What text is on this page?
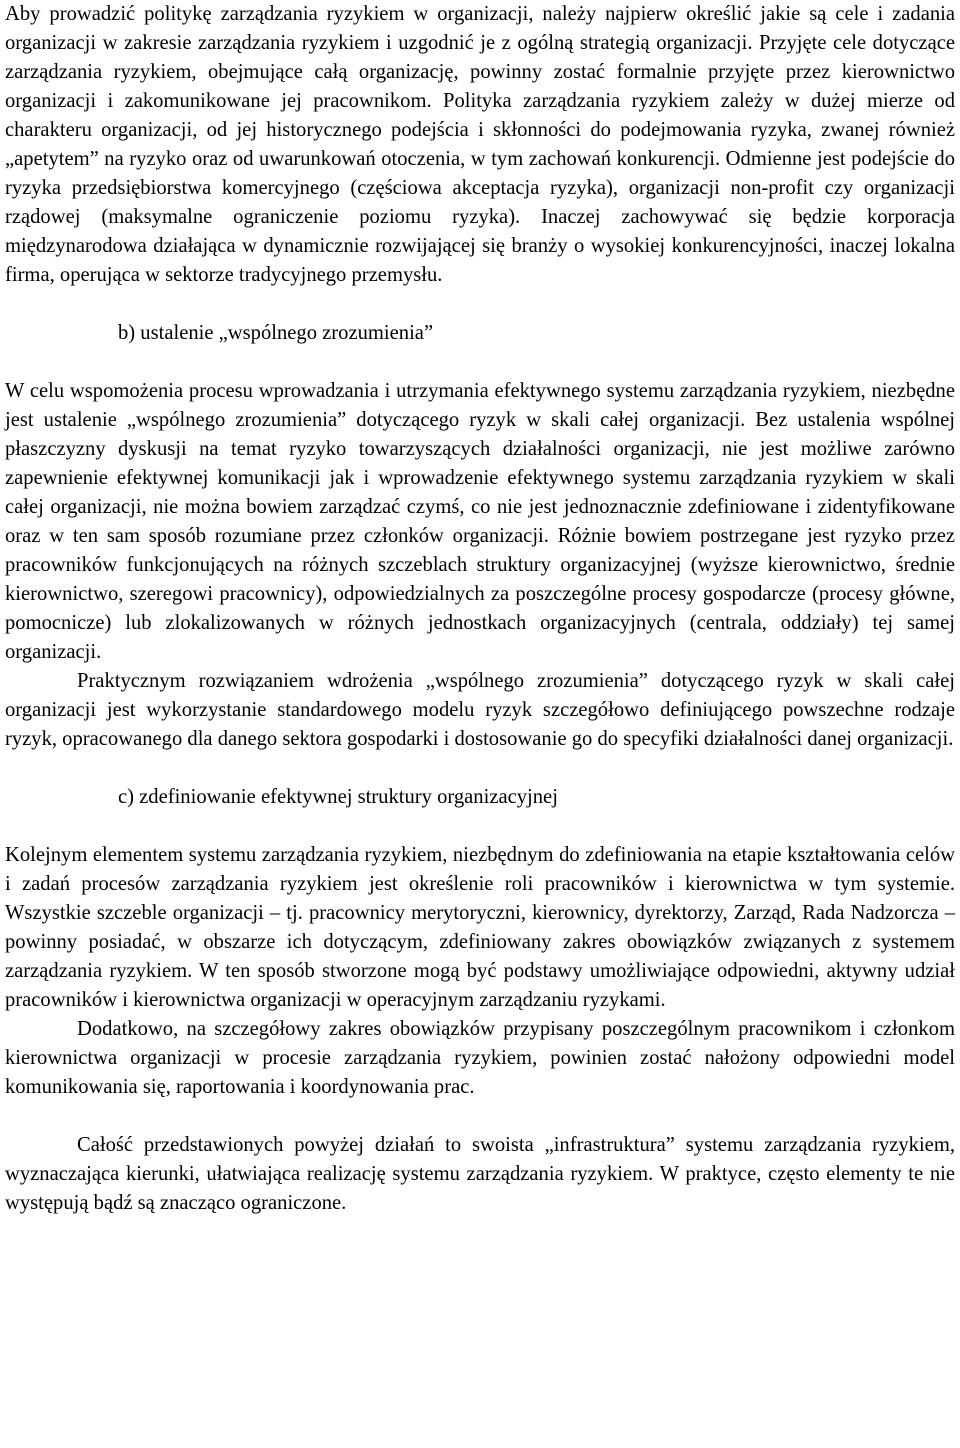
Aby prowadzić politykę zarządzania ryzykiem w organizacji, należy najpierw określić jakie są cele i zadania organizacji w zakresie zarządzania ryzykiem i uzgodnić je z ogólną strategią organizacji. Przyjęte cele dotyczące zarządzania ryzykiem, obejmujące całą organizację, powinny zostać formalnie przyjęte przez kierownictwo organizacji i zakomunikowane jej pracownikom. Polityka zarządzania ryzykiem zależy w dużej mierze od charakteru organizacji, od jej historycznego podejścia i skłonności do podejmowania ryzyka, zwanej również „apetytem” na ryzyko oraz od uwarunkowań otoczenia, w tym zachowań konkurencji. Odmienne jest podejście do ryzyka przedsiębiorstwa komercyjnego (częściowa akceptacja ryzyka), organizacji non-profit czy organizacji rządowej (maksymalne ograniczenie poziomu ryzyka). Inaczej zachowywać się będzie korporacja międzynarodowa działająca w dynamicznie rozwijającej się branży o wysokiej konkurencyjności, inaczej lokalna firma, operująca w sektorze tradycyjnego przemysłu.

b) ustalenie „wspólnego zrozumienia”

W celu wspomożenia procesu wprowadzania i utrzymania efektywnego systemu zarządzania ryzykiem, niezbędne jest ustalenie „wspólnego zrozumienia” dotyczącego ryzyk w skali całej organizacji. Bez ustalenia wspólnej płaszczyzny dyskusji na temat ryzyko towarzyszących działalności organizacji, nie jest możliwe zarówno zapewnienie efektywnej komunikacji jak i wprowadzenie efektywnego systemu zarządzania ryzykiem w skali całej organizacji, nie można bowiem zarządzać czymś, co nie jest jednoznacznie zdefiniowane i zidentyfikowane oraz w ten sam sposób rozumiane przez członków organizacji. Różnie bowiem postrzegane jest ryzyko przez pracowników funkcjonujących na różnych szczeblach struktury organizacyjnej (wyższe kierownictwo, średnie kierownictwo, szeregowi pracownicy), odpowiedzialnych za poszczególne procesy gospodarcze (procesy główne, pomocnicze) lub zlokalizowanych w różnych jednostkach organizacyjnych (centrala, oddziały) tej samej organizacji.

Praktycznym rozwiązaniem wdrożenia „wspólnego zrozumienia” dotyczącego ryzyk w skali całej organizacji jest wykorzystanie standardowego modelu ryzyk szczegółowo definiującego powszechne rodzaje ryzyk, opracowanego dla danego sektora gospodarki i dostosowanie go do specyfiki działalności danej organizacji.

c) zdefiniowanie efektywnej struktury organizacyjnej

Kolejnym elementem systemu zarządzania ryzykiem, niezbędnym do zdefiniowania na etapie kształtowania celów i zadań procesów zarządzania ryzykiem jest określenie roli pracowników i kierownictwa w tym systemie. Wszystkie szczeble organizacji – tj. pracownicy merytoryczni, kierownicy, dyrektorzy, Zarząd, Rada Nadzorcza – powinny posiadać, w obszarze ich dotyczącym, zdefiniowany zakres obowiązków związanych z systemem zarządzania ryzykiem. W ten sposób stworzone mogą być podstawy umożliwiające odpowiedni, aktywny udział pracowników i kierownictwa organizacji w operacyjnym zarządzaniu ryzykami.

Dodatkowo, na szczegółowy zakres obowiązków przypisany poszczególnym pracownikom i członkom kierownictwa organizacji w procesie zarządzania ryzykiem, powinien zostać nałożony odpowiedni model komunikowania się, raportowania i koordynowania prac.

Całość przedstawionych powyżej działań to swoista „infrastruktura” systemu zarządzania ryzykiem, wyznaczająca kierunki, ułatwiająca realizację systemu zarządzania ryzykiem. W praktyce, często elementy te nie występują bądź są znacząco ograniczone.
